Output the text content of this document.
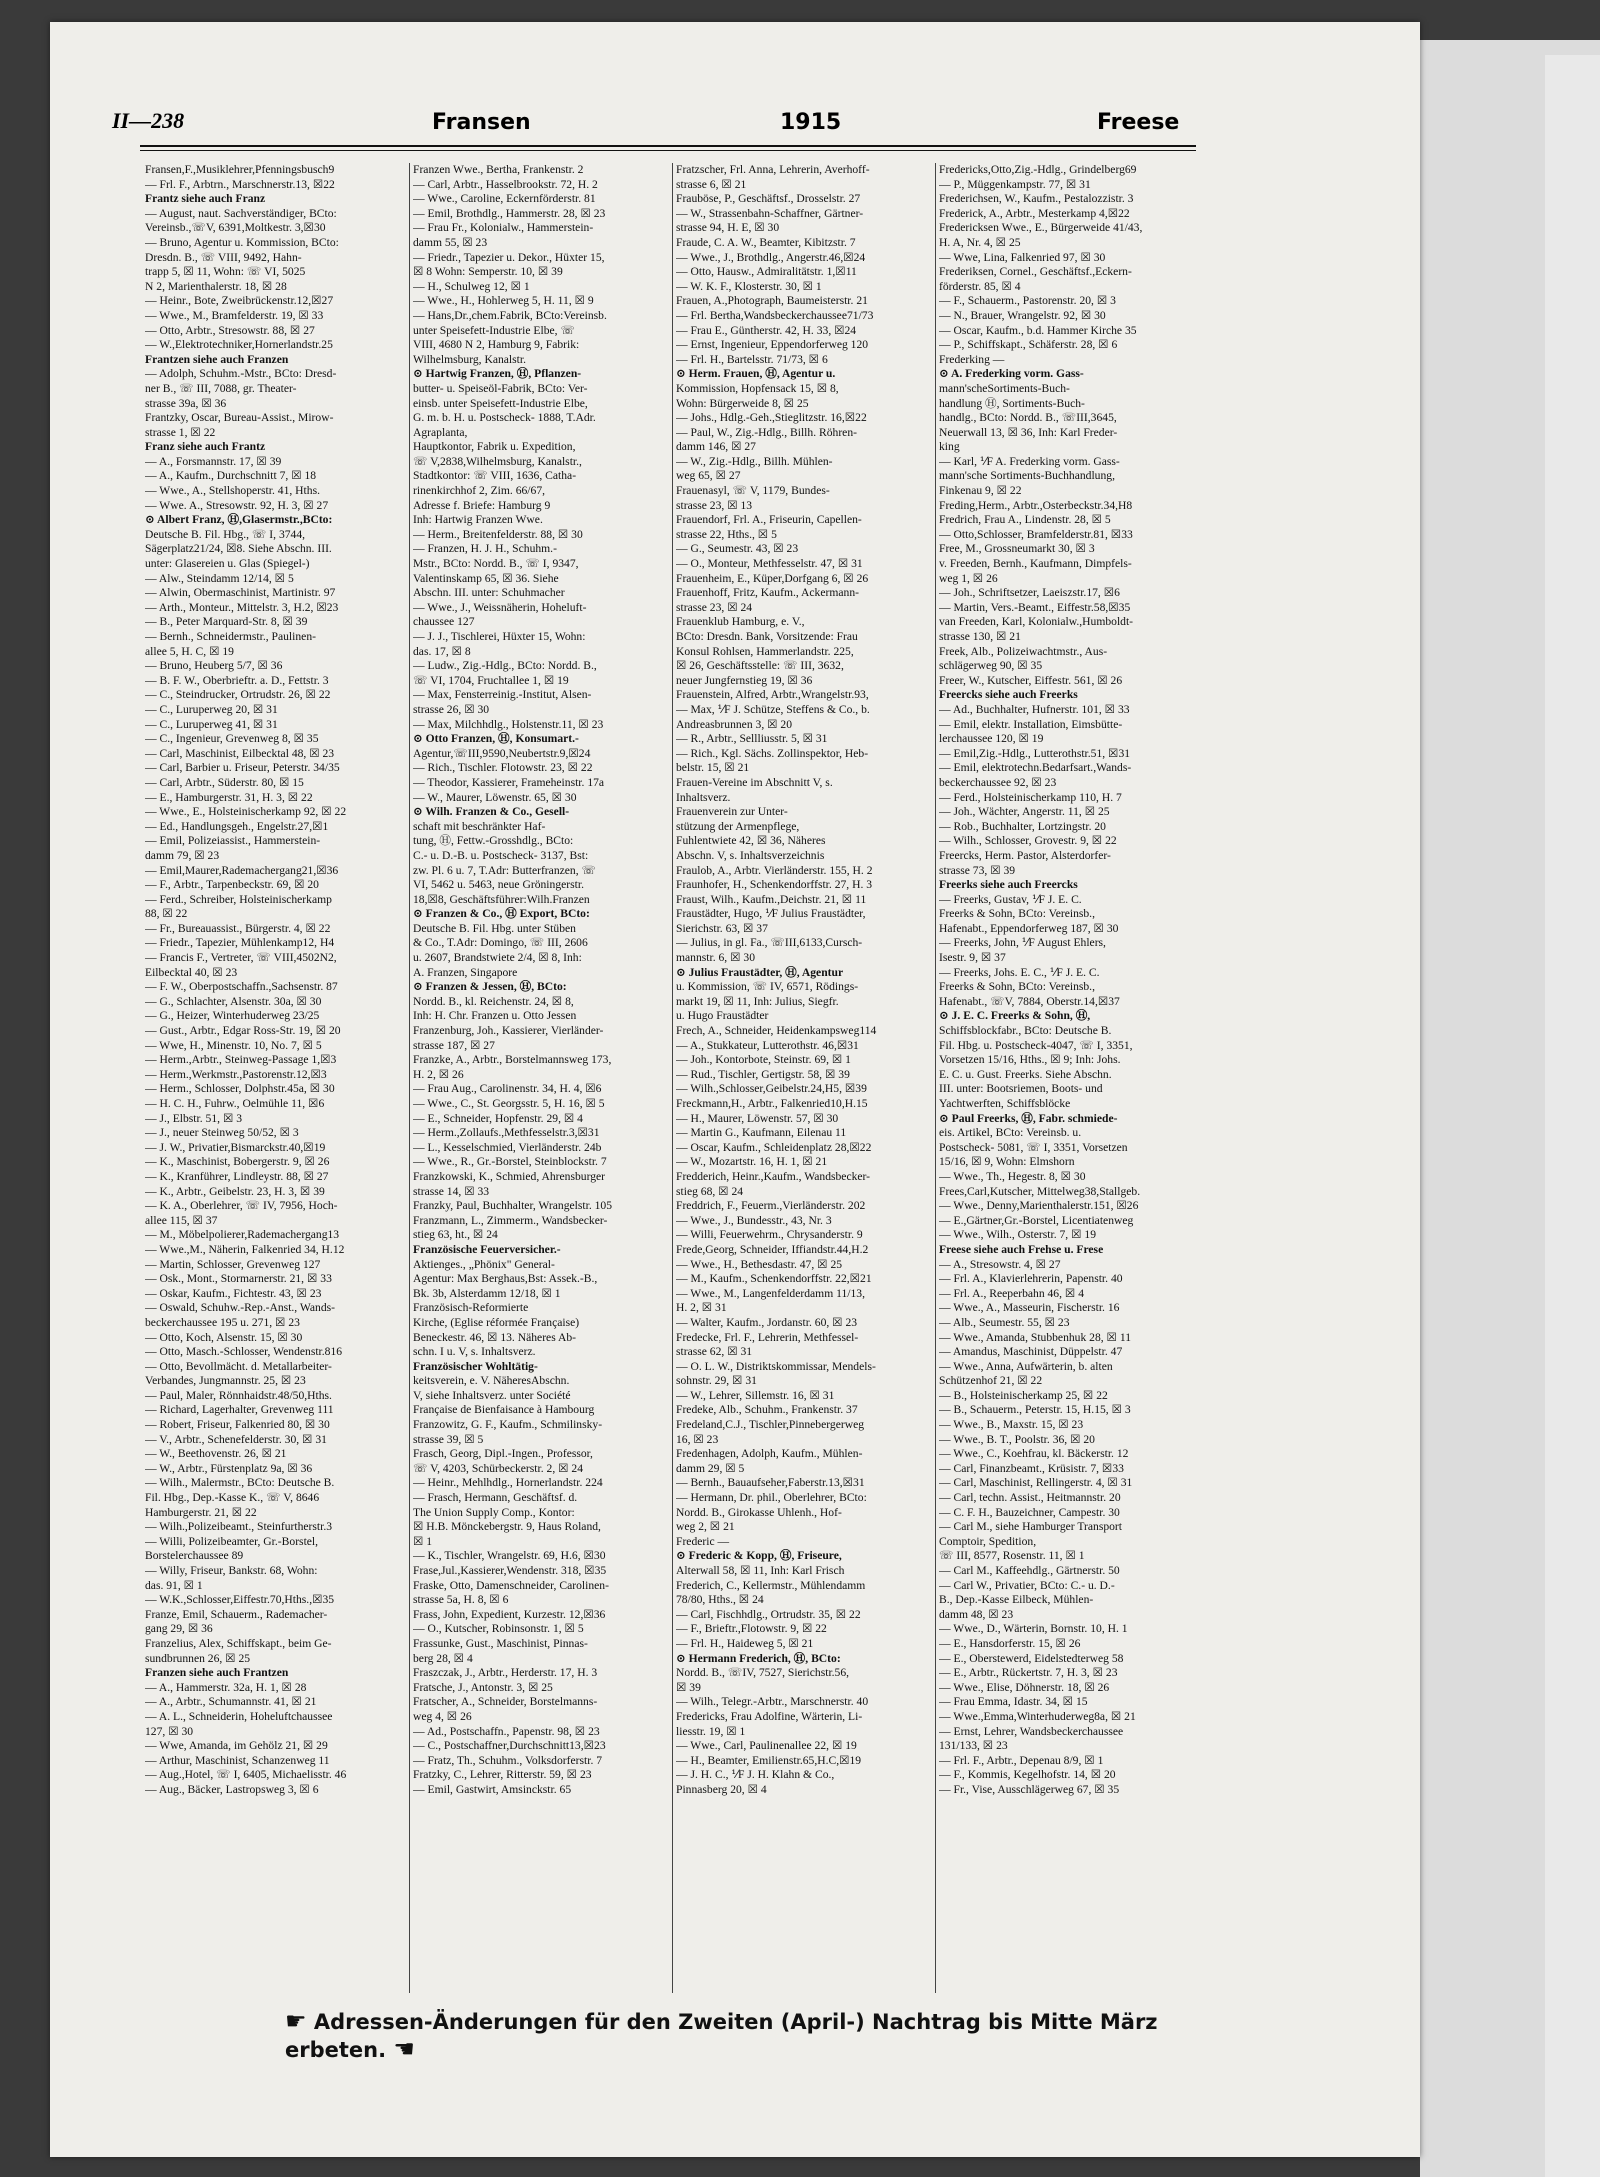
II—238	Fransen	1915	Freese
Fransen,F.,Musiklehrer,Pfenningsbusch9
— Frl. F., Arbtrn., Marschnerstr.13, ☒22
Frantz siehe auch Franz
— August, naut. Sachverständiger, BCto:
Vereinsb.,☏V, 6391,Moltkestr. 3,☒30
— Bruno, Agentur u. Kommission, BCto:
Dresdn. B., ☏ VIII, 9492, Hahn-
trapp 5, ☒ 11, Wohn: ☏ VI, 5025
N 2, Marienthalerstr. 18, ☒ 28
— Heinr., Bote, Zweibrückenstr.12,☒27
— Wwe., M., Bramfelderstr. 19, ☒ 33
— Otto, Arbtr., Stresowstr. 88, ☒ 27
— W.,Elektrotechniker,Hornerlandstr.25
Frantzen siehe auch Franzen
— Adolph, Schuhm.-Mstr., BCto: Dresd-
ner B., ☏ III, 7088, gr. Theater-
strasse 39a, ☒ 36
Frantzky, Oscar, Bureau-Assist., Mirow-
strasse 1, ☒ 22
Franz siehe auch Frantz
— A., Forsmannstr. 17, ☒ 39
— A., Kaufm., Durchschnitt 7, ☒ 18
— Wwe., A., Stellshoperstr. 41, Hths.
— Wwe. A., Stresowstr. 92, H. 3, ☒ 27
⊙ Albert Franz, Ⓗ,Glasermstr.,BCto:
Deutsche B. Fil. Hbg., ☏ I, 3744,
Sägerplatz21/24, ☒8. Siehe Abschn. III.
unter: Glasereien u. Glas (Spiegel-)
— Alw., Steindamm 12/14, ☒ 5
— Alwin, Obermaschinist, Martinistr. 97
— Arth., Monteur., Mittelstr. 3, H.2, ☒23
— B., Peter Marquard-Str. 8, ☒ 39
— Bernh., Schneidermstr., Paulinen-
allee 5, H. C, ☒ 19
— Bruno, Heuberg 5/7, ☒ 36
— B. F. W., Oberbrieftr. a. D., Fettstr. 3
— C., Steindrucker, Ortrudstr. 26, ☒ 22
— C., Luruperweg 20, ☒ 31
— C., Luruperweg 41, ☒ 31
— C., Ingenieur, Grevenweg 8, ☒ 35
— Carl, Maschinist, Eilbecktal 48, ☒ 23
— Carl, Barbier u. Friseur, Peterstr. 34/35
— Carl, Arbtr., Süderstr. 80, ☒ 15
— E., Hamburgerstr. 31, H. 3, ☒ 22
— Wwe., E., Holsteinischerkamp 92, ☒ 22
— Ed., Handlungsgeh., Engelstr.27,☒1
— Emil, Polizeiassist., Hammerstein-
damm 79, ☒ 23
— Emil,Maurer,Rademachergang21,☒36
— F., Arbtr., Tarpenbeckstr. 69, ☒ 20
— Ferd., Schreiber, Holsteinischerkamp
88, ☒ 22
— Fr., Bureauassist., Bürgerstr. 4, ☒ 22
— Friedr., Tapezier, Mühlenkamp12, H4
— Francis F., Vertreter, ☏ VIII,4502N2,
Eilbecktal 40, ☒ 23
— F. W., Oberpostschaffn.,Sachsenstr. 87
— G., Schlachter, Alsenstr. 30a, ☒ 30
— G., Heizer, Winterhuderweg 23/25
— Gust., Arbtr., Edgar Ross-Str. 19, ☒ 20
— Wwe, H., Minenstr. 10, No. 7, ☒ 5
— Herm.,Arbtr., Steinweg-Passage 1,☒3
— Herm.,Werkmstr.,Pastorenstr.12,☒3
— Herm., Schlosser, Dolphstr.45a, ☒ 30
— H. C. H., Fuhrw., Oelmühle 11, ☒6
— J., Elbstr. 51, ☒ 3
— J., neuer Steinweg 50/52, ☒ 3
— J. W., Privatier,Bismarckstr.40,☒19
— K., Maschinist, Bobergerstr. 9, ☒ 26
— K., Kranführer, Lindleystr. 88, ☒ 27
— K., Arbtr., Geibelstr. 23, H. 3, ☒ 39
— K. A., Oberlehrer, ☏ IV, 7956, Hoch-
allee 115, ☒ 37
— M., Möbelpolierer,Rademachergang13
— Wwe.,M., Näherin, Falkenried 34, H.12
— Martin, Schlosser, Grevenweg 127
— Osk., Mont., Stormarnerstr. 21, ☒ 33
— Oskar, Kaufm., Fichtestr. 43, ☒ 23
— Oswald, Schuhw.-Rep.-Anst., Wands-
beckerchaussee 195 u. 271, ☒ 23
— Otto, Koch, Alsenstr. 15, ☒ 30
— Otto, Masch.-Schlosser, Wendenstr.816
— Otto, Bevollmächt. d. Metallarbeiter-
Verbandes, Jungmannstr. 25, ☒ 23
— Paul, Maler, Rönnhaidstr.48/50,Hths.
— Richard, Lagerhalter, Grevenweg 111
— Robert, Friseur, Falkenried 80, ☒ 30
— V., Arbtr., Schenefelderstr. 30, ☒ 31
— W., Beethovenstr. 26, ☒ 21
— W., Arbtr., Fürstenplatz 9a, ☒ 36
— Wilh., Malermstr., BCto: Deutsche B.
Fil. Hbg., Dep.-Kasse K., ☏ V, 8646
Hamburgerstr. 21, ☒ 22
— Wilh.,Polizeibeamt., Steinfurtherstr.3
— Willi, Polizeibeamter, Gr.-Borstel,
Borstelerchaussee 89
— Willy, Friseur, Bankstr. 68, Wohn:
das. 91, ☒ 1
— W.K.,Schlosser,Eiffestr.70,Hths.,☒35
Franze, Emil, Schauerm., Rademacher-
gang 29, ☒ 36
Franzelius, Alex, Schiffskapt., beim Ge-
sundbrunnen 26, ☒ 25
Franzen siehe auch Frantzen
— A., Hammerstr. 32a, H. 1, ☒ 28
— A., Arbtr., Schumannstr. 41, ☒ 21
— A. L., Schneiderin, Hoheluftchaussee
127, ☒ 30
— Wwe, Amanda, im Gehölz 21, ☒ 29
— Arthur, Maschinist, Schanzenweg 11
— Aug.,Hotel, ☏ I, 6405, Michaelisstr. 46
— Aug., Bäcker, Lastropsweg 3, ☒ 6
Franzen Wwe., Bertha, Frankenstr. 2
— Carl, Arbtr., Hasselbrookstr. 72, H. 2
— Wwe., Caroline, Eckernförderstr. 81
— Emil, Brothdlg., Hammerstr. 28, ☒ 23
— Frau Fr., Kolonialw., Hammerstein-
damm 55, ☒ 23
— Friedr., Tapezier u. Dekor., Hüxter 15,
☒ 8 Wohn: Semperstr. 10, ☒ 39
— H., Schulweg 12, ☒ 1
— Wwe., H., Hohlerweg 5, H. 11, ☒ 9
— Hans,Dr.,chem.Fabrik, BCto:Vereinsb.
unter Speisefett-Industrie Elbe, ☏
VIII, 4680 N 2, Hamburg 9, Fabrik:
Wilhelmsburg, Kanalstr.
⊙ Hartwig Franzen, Ⓗ, Pflanzen-
butter- u. Speiseöl-Fabrik, BCto: Ver-
einsb. unter Speisefett-Industrie Elbe,
G. m. b. H. u. Postscheck- 1888, T.Adr.
Agraplanta,
Hauptkontor, Fabrik u. Expedition,
☏ V,2838,Wilhelmsburg, Kanalstr.,
Stadtkontor: ☏ VIII, 1636, Catha-
rinenkirchhof 2, Zim. 66/67,
Adresse f. Briefe: Hamburg 9
Inh: Hartwig Franzen Wwe.
— Herm., Breitenfelderstr. 88, ☒ 30
— Franzen, H. J. H., Schuhm.-
Mstr., BCto: Nordd. B., ☏ I, 9347,
Valentinskamp 65, ☒ 36. Siehe
Abschn. III. unter: Schuhmacher
— Wwe., J., Weissnäherin, Hoheluft-
chaussee 127
— J. J., Tischlerei, Hüxter 15, Wohn:
das. 17, ☒ 8
— Ludw., Zig.-Hdlg., BCto: Nordd. B.,
☏ VI, 1704, Fruchtallee 1, ☒ 19
— Max, Fensterreinig.-Institut, Alsen-
strasse 26, ☒ 30
— Max, Milchhdlg., Holstenstr.11, ☒ 23
⊙ Otto Franzen, Ⓗ, Konsumart.-
Agentur,☏III,9590,Neubertstr.9,☒24
— Rich., Tischler. Flotowstr. 23, ☒ 22
— Theodor, Kassierer, Frameheinstr. 17a
— W., Maurer, Löwenstr. 65, ☒ 30
⊙ Wilh. Franzen & Co., Gesell-
schaft mit beschränkter Haf-
tung, Ⓗ, Fettw.-Grosshdlg., BCto:
C.- u. D.-B. u. Postscheck- 3137, Bst:
zw. Pl. 6 u. 7, T.Adr: Butterfranzen, ☏
VI, 5462 u. 5463, neue Gröningerstr.
18,☒8, Geschäftsführer:Wilh.Franzen
⊙ Franzen & Co., Ⓗ Export, BCto:
Deutsche B. Fil. Hbg. unter Stüben
& Co., T.Adr: Domingo, ☏ III, 2606
u. 2607, Brandstwiete 2/4, ☒ 8, Inh:
A. Franzen, Singapore
⊙ Franzen & Jessen, Ⓗ, BCto:
Nordd. B., kl. Reichenstr. 24, ☒ 8,
Inh: H. Chr. Franzen u. Otto Jessen
Franzenburg, Joh., Kassierer, Vierländer-
strasse 187, ☒ 27
Franzke, A., Arbtr., Borstelmannsweg 173,
H. 2, ☒ 26
— Frau Aug., Carolinenstr. 34, H. 4, ☒6
— Wwe., C., St. Georgsstr. 5, H. 16, ☒ 5
— E., Schneider, Hopfenstr. 29, ☒ 4
— Herm.,Zollaufs.,Methfesselstr.3,☒31
— L., Kesselschmied, Vierländerstr. 24b
— Wwe., R., Gr.-Borstel, Steinblockstr. 7
Franzkowski, K., Schmied, Ahrensburger
strasse 14, ☒ 33
Franzky, Paul, Buchhalter, Wrangelstr. 105
Franzmann, L., Zimmerm., Wandsbecker-
stieg 63, ht., ☒ 24
Französische Feuerversicher.-
Aktienges., „Phönix" General-
Agentur: Max Berghaus,Bst: Assek.-B.,
Bk. 3b, Alsterdamm 12/18, ☒ 1
Französisch-Reformierte
Kirche, (Eglise réformée Française)
Beneckestr. 46, ☒ 13. Näheres Ab-
schn. I u. V, s. Inhaltsverz.
Französischer Wohltätig-
keitsverein, e. V. NäheresAbschn.
V, siehe Inhaltsverz. unter Société
Française de Bienfaisance à Hambourg
Franzowitz, G. F., Kaufm., Schmilinsky-
strasse 39, ☒ 5
Frasch, Georg, Dipl.-Ingen., Professor,
☏ V, 4203, Schürbeckerstr. 2, ☒ 24
— Heinr., Mehlhdlg., Hornerlandstr. 224
— Frasch, Hermann, Geschäftsf. d.
The Union Supply Comp., Kontor:
☒ H.B. Mönckebergstr. 9, Haus Roland,
☒ 1
— K., Tischler, Wrangelstr. 69, H.6, ☒30
Frase,Jul.,Kassierer,Wendenstr. 318, ☒35
Fraske, Otto, Damenschneider, Carolinen-
strasse 5a, H. 8, ☒ 6
Frass, John, Expedient, Kurzestr. 12,☒36
— O., Kutscher, Robinsonstr. 1, ☒ 5
Frassunke, Gust., Maschinist, Pinnas-
berg 28, ☒ 4
Fraszczak, J., Arbtr., Herderstr. 17, H. 3
Fratsche, J., Antonstr. 3, ☒ 25
Fratscher, A., Schneider, Borstelmanns-
weg 4, ☒ 26
— Ad., Postschaffn., Papenstr. 98, ☒ 23
— C., Postschaffner,Durchschnitt13,☒23
— Fratz, Th., Schuhm., Volksdorferstr. 7
Fratzky, C., Lehrer, Ritterstr. 59, ☒ 23
— Emil, Gastwirt, Amsinckstr. 65
Fratzscher, Frl. Anna, Lehrerin, Averhoff-
strasse 6, ☒ 21
Frauböse, P., Geschäftsf., Drosselstr. 27
— W., Strassenbahn-Schaffner, Gärtner-
strasse 94, H. E, ☒ 30
Fraude, C. A. W., Beamter, Kibitzstr. 7
— Wwe., J., Brothdlg., Angerstr.46,☒24
— Otto, Hausw., Admiralitätstr. 1,☒11
— W. K. F., Klosterstr. 30, ☒ 1
Frauen, A.,Photograph, Baumeisterstr. 21
— Frl. Bertha,Wandsbeckerchaussee71/73
— Frau E., Güntherstr. 42, H. 33, ☒24
— Ernst, Ingenieur, Eppendorferweg 120
— Frl. H., Bartelsstr. 71/73, ☒ 6
⊙ Herm. Frauen, Ⓗ, Agentur u.
Kommission, Hopfensack 15, ☒ 8,
Wohn: Bürgerweide 8, ☒ 25
— Johs., Hdlg.-Geh.,Stieglitzstr. 16,☒22
— Paul, W., Zig.-Hdlg., Billh. Röhren-
damm 146, ☒ 27
— W., Zig.-Hdlg., Billh. Mühlen-
weg 65, ☒ 27
Frauenasyl, ☏ V, 1179, Bundes-
strasse 23, ☒ 13
Frauendorf, Frl. A., Friseurin, Capellen-
strasse 22, Hths., ☒ 5
— G., Seumestr. 43, ☒ 23
— O., Monteur, Methfesselstr. 47, ☒ 31
Frauenheim, E., Küper,Dorfgang 6, ☒ 26
Frauenhoff, Fritz, Kaufm., Ackermann-
strasse 23, ☒ 24
Frauenklub Hamburg, e. V.,
BCto: Dresdn. Bank, Vorsitzende: Frau
Konsul Rohlsen, Hammerlandstr. 225,
☒ 26, Geschäftsstelle: ☏ III, 3632,
neuer Jungfernstieg 19, ☒ 36
Frauenstein, Alfred, Arbtr.,Wrangelstr.93,
— Max, ⅟F J. Schütze, Steffens & Co., b.
Andreasbrunnen 3, ☒ 20
— R., Arbtr., Sellliusstr. 5, ☒ 31
— Rich., Kgl. Sächs. Zollinspektor, Heb-
belstr. 15, ☒ 21
Frauen-Vereine im Abschnitt V, s.
Inhaltsverz.
Frauenverein zur Unter-
stützung der Armenpflege,
Fuhlentwiete 42, ☒ 36, Näheres
Abschn. V, s. Inhaltsverzeichnis
Fraulob, A., Arbtr. Vierländerstr. 155, H. 2
Fraunhofer, H., Schenkendorffstr. 27, H. 3
Fraust, Wilh., Kaufm.,Deichstr. 21, ☒ 11
Fraustädter, Hugo, ⅟F Julius Fraustädter,
Sierichstr. 63, ☒ 37
— Julius, in gl. Fa., ☏III,6133,Cursch-
mannstr. 6, ☒ 30
⊙ Julius Fraustädter, Ⓗ, Agentur
u. Kommission, ☏ IV, 6571, Rödings-
markt 19, ☒ 11, Inh: Julius, Siegfr.
u. Hugo Fraustädter
Frech, A., Schneider, Heidenkampsweg114
— A., Stukkateur, Lutterothstr. 46,☒31
— Joh., Kontorbote, Steinstr. 69, ☒ 1
— Rud., Tischler, Gertigstr. 58, ☒ 39
— Wilh.,Schlosser,Geibelstr.24,H5, ☒39
Freckmann,H., Arbtr., Falkenried10,H.15
— H., Maurer, Löwenstr. 57, ☒ 30
— Martin G., Kaufmann, Eilenau 11
— Oscar, Kaufm., Schleidenplatz 28,☒22
— W., Mozartstr. 16, H. 1, ☒ 21
Fredderich, Heinr.,Kaufm., Wandsbecker-
stieg 68, ☒ 24
Freddrich, F., Feuerm.,Vierländerstr. 202
— Wwe., J., Bundesstr., 43, Nr. 3
— Willi, Feuerwehrm., Chrysanderstr. 9
Frede,Georg, Schneider, Iffiandstr.44,H.2
— Wwe., H., Bethesdastr. 47, ☒ 25
— M., Kaufm., Schenkendorffstr. 22,☒21
— Wwe., M., Langenfelderdamm 11/13,
H. 2, ☒ 31
— Walter, Kaufm., Jordanstr. 60, ☒ 23
Fredecke, Frl. F., Lehrerin, Methfessel-
strasse 62, ☒ 31
— O. L. W., Distriktskommissar, Mendels-
sohnstr. 29, ☒ 31
— W., Lehrer, Sillemstr. 16, ☒ 31
Fredeke, Alb., Schuhm., Frankenstr. 37
Fredeland,C.J., Tischler,Pinnebergerweg
16, ☒ 23
Fredenhagen, Adolph, Kaufm., Mühlen-
damm 29, ☒ 5
— Bernh., Bauaufseher,Faberstr.13,☒31
— Hermann, Dr. phil., Oberlehrer, BCto:
Nordd. B., Girokasse Uhlenh., Hof-
weg 2, ☒ 21
Frederic —
⊙ Frederic & Kopp, Ⓗ, Friseure,
Alterwall 58, ☒ 11, Inh: Karl Frisch
Frederich, C., Kellermstr., Mühlendamm
78/80, Hths., ☒ 24
— Carl, Fischhdlg., Ortrudstr. 35, ☒ 22
— F., Brieftr.,Flotowstr. 9, ☒ 22
— Frl. H., Haideweg 5, ☒ 21
⊙ Hermann Frederich, Ⓗ, BCto:
Nordd. B., ☏IV, 7527, Sierichstr.56,
☒ 39
— Wilh., Telegr.-Arbtr., Marschnerstr. 40
Fredericks, Frau Adolfine, Wärterin, Li-
liesstr. 19, ☒ 1
— Wwe., Carl, Paulinenallee 22, ☒ 19
— H., Beamter, Emilienstr.65,H.C,☒19
— J. H. C., ⅟F J. H. Klahn & Co.,
Pinnasberg 20, ☒ 4
Fredericks,Otto,Zig.-Hdlg., Grindelberg69
— P., Müggenkampstr. 77, ☒ 31
Frederichsen, W., Kaufm., Pestalozzistr. 3
Frederick, A., Arbtr., Mesterkamp 4,☒22
Fredericksen Wwe., E., Bürgerweide 41/43,
H. A, Nr. 4, ☒ 25
— Wwe, Lina, Falkenried 97, ☒ 30
Frederiksen, Cornel., Geschäftsf.,Eckern-
förderstr. 85, ☒ 4
— F., Schauerm., Pastorenstr. 20, ☒ 3
— N., Brauer, Wrangelstr. 92, ☒ 30
— Oscar, Kaufm., b.d. Hammer Kirche 35
— P., Schiffskapt., Schäferstr. 28, ☒ 6
Frederking —
⊙ A. Frederking vorm. Gass-
mann'scheSortiments-Buch-
handlung Ⓗ, Sortiments-Buch-
handlg., BCto: Nordd. B., ☏III,3645,
Neuerwall 13, ☒ 36, Inh: Karl Freder-
king
— Karl, ⅟F A. Frederking vorm. Gass-
mann'sche Sortiments-Buchhandlung,
Finkenau 9, ☒ 22
Freding,Herm., Arbtr.,Osterbeckstr.34,H8
Fredrich, Frau A., Lindenstr. 28, ☒ 5
— Otto,Schlosser, Bramfelderstr.81, ☒33
Free, M., Grossneumarkt 30, ☒ 3
v. Freeden, Bernh., Kaufmann, Dimpfels-
weg 1, ☒ 26
— Joh., Schriftsetzer, Laeiszstr.17, ☒6
— Martin, Vers.-Beamt., Eiffestr.58,☒35
van Freeden, Karl, Kolonialw.,Humboldt-
strasse 130, ☒ 21
Freek, Alb., Polizeiwachtmstr., Aus-
schlägerweg 90, ☒ 35
Freer, W., Kutscher, Eiffestr. 561, ☒ 26
Freercks siehe auch Freerks
— Ad., Buchhalter, Hufnerstr. 101, ☒ 33
— Emil, elektr. Installation, Eimsbütte-
lerchaussee 120, ☒ 19
— Emil,Zig.-Hdlg., Lutterothstr.51, ☒31
— Emil, elektrotechn.Bedarfsart.,Wands-
beckerchaussee 92, ☒ 23
— Ferd., Holsteinischerkamp 110, H. 7
— Joh., Wächter, Angerstr. 11, ☒ 25
— Rob., Buchhalter, Lortzingstr. 20
— Wilh., Schlosser, Grovestr. 9, ☒ 22
Freercks, Herm. Pastor, Alsterdorfer-
strasse 73, ☒ 39
Freerks siehe auch Freercks
— Freerks, Gustav, ⅟F J. E. C.
Freerks & Sohn, BCto: Vereinsb.,
Hafenabt., Eppendorferweg 187, ☒ 30
— Freerks, John, ⅟F August Ehlers,
Isestr. 9, ☒ 37
— Freerks, Johs. E. C., ⅟F J. E. C.
Freerks & Sohn, BCto: Vereinsb.,
Hafenabt., ☏V, 7884, Oberstr.14,☒37
⊙ J. E. C. Freerks & Sohn, Ⓗ,
Schiffsblockfabr., BCto: Deutsche B.
Fil. Hbg. u. Postscheck-4047, ☏ I, 3351,
Vorsetzen 15/16, Hths., ☒ 9; Inh: Johs.
E. C. u. Gust. Freerks. Siehe Abschn.
III. unter: Bootsriemen, Boots- und
Yachtwerften, Schiffsblöcke
⊙ Paul Freerks, Ⓗ, Fabr. schmiede-
eis. Artikel, BCto: Vereinsb. u.
Postscheck- 5081, ☏ I, 3351, Vorsetzen
15/16, ☒ 9, Wohn: Elmshorn
— Wwe., Th., Hegestr. 8, ☒ 30
Frees,Carl,Kutscher, Mittelweg38,Stallgeb.
— Wwe., Denny,Marienthalerstr.151, ☒26
— E.,Gärtner,Gr.-Borstel, Licentiatenweg
— Wwe., Wilh., Osterstr. 7, ☒ 19
Freese siehe auch Frehse u. Frese
— A., Stresowstr. 4, ☒ 27
— Frl. A., Klavierlehrerin, Papenstr. 40
— Frl. A., Reeperbahn 46, ☒ 4
— Wwe., A., Masseurin, Fischerstr. 16
— Alb., Seumestr. 55, ☒ 23
— Wwe., Amanda, Stubbenhuk 28, ☒ 11
— Amandus, Maschinist, Düppelstr. 47
— Wwe., Anna, Aufwärterin, b. alten
Schützenhof 21, ☒ 22
— B., Holsteinischerkamp 25, ☒ 22
— B., Schauerm., Peterstr. 15, H.15, ☒ 3
— Wwe., B., Maxstr. 15, ☒ 23
— Wwe., B. T., Poolstr. 36, ☒ 20
— Wwe., C., Koehfrau, kl. Bäckerstr. 12
— Carl, Finanzbeamt., Krüsistr. 7, ☒33
— Carl, Maschinist, Rellingerstr. 4, ☒ 31
— Carl, techn. Assist., Heitmannstr. 20
— C. F. H., Bauzeichner, Campestr. 30
— Carl M., siehe Hamburger Transport
Comptoir, Spedition,
☏ III, 8577, Rosenstr. 11, ☒ 1
— Carl M., Kaffeehdlg., Gärtnerstr. 50
— Carl W., Privatier, BCto: C.- u. D.-
B., Dep.-Kasse Eilbeck, Mühlen-
damm 48, ☒ 23
— Wwe., D., Wärterin, Bornstr. 10, H. 1
— E., Hansdorferstr. 15, ☒ 26
— E., Oberstewerd, Eidelstedterweg 58
— E., Arbtr., Rückertstr. 7, H. 3, ☒ 23
— Wwe., Elise, Döhnerstr. 18, ☒ 26
— Frau Emma, Idastr. 34, ☒ 15
— Wwe.,Emma,Winterhuderweg8a, ☒ 21
— Ernst, Lehrer, Wandsbeckerchaussee
131/133, ☒ 23
— Frl. F., Arbtr., Depenau 8/9, ☒ 1
— F., Kommis, Kegelhofstr. 14, ☒ 20
— Fr., Vise, Ausschlägerweg 67, ☒ 35
☛ Adressen-Änderungen für den Zweiten (April-) Nachtrag bis Mitte März erbeten. ☚
